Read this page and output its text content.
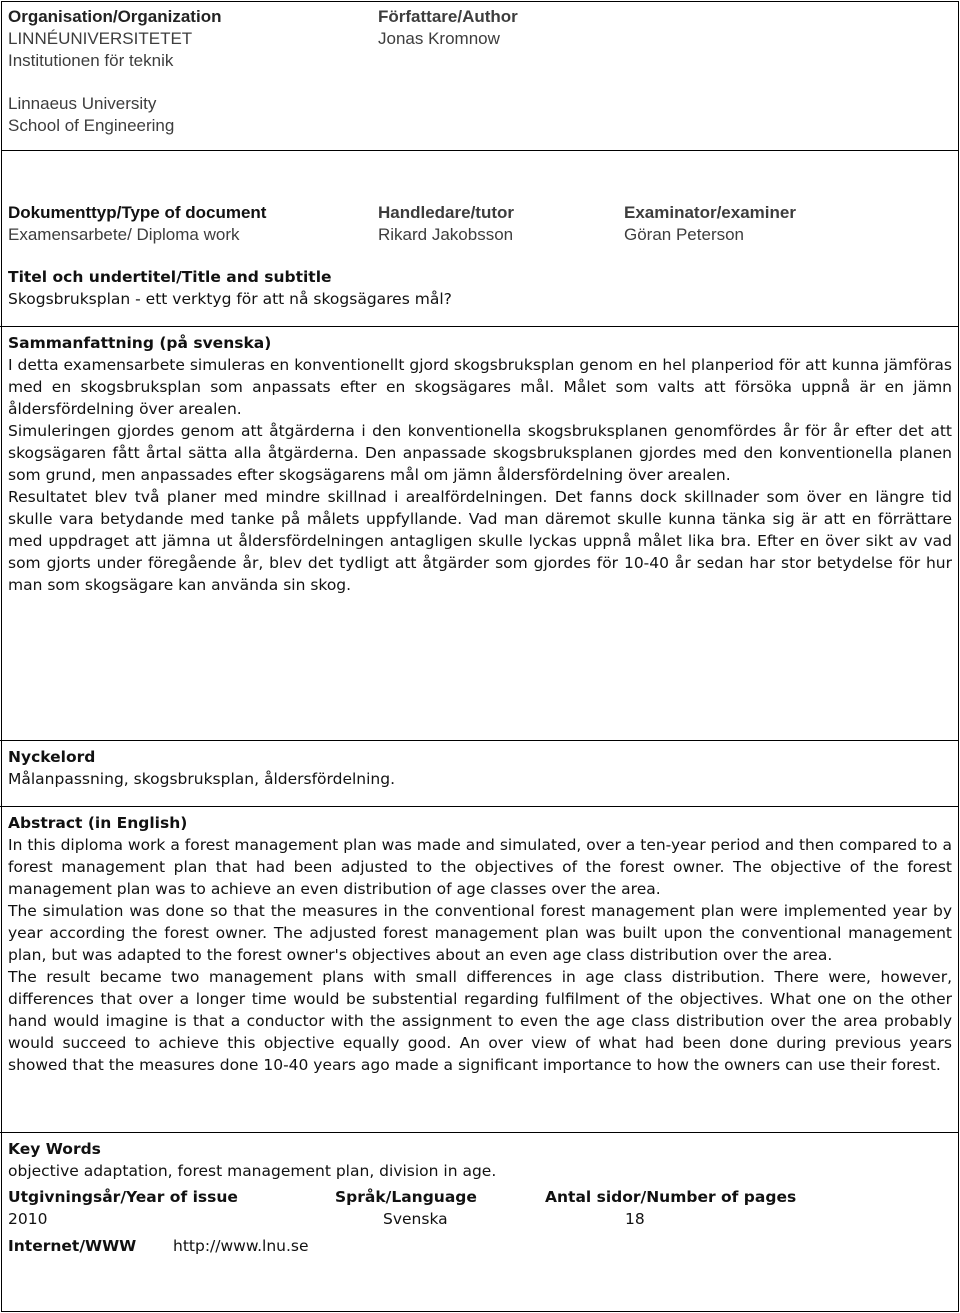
Organisation/Organization
LINNÉUNIVERSITETET
Institutionen för teknik
Linnaeus University
School of Engineering
Författare/Author
Jonas Kromnow
Dokumenttyp/Type of document
Examensarbete/ Diploma work
Handledare/tutor
Rikard Jakobsson
Examinator/examiner
Göran Peterson
Titel och undertitel/Title and subtitle
Skogsbruksplan - ett verktyg för att nå skogsägares mål?
Sammanfattning (på svenska)

I detta examensarbete simuleras en konventionellt gjord skogsbruksplan genom en hel planperiod för att kunna jämföras med en skogsbruksplan som anpassats efter en skogsägares mål. Målet som valts att försöka uppnå är en jämn åldersfördelning över arealen.

Simuleringen gjordes genom att åtgärderna i den konventionella skogsbruksplanen genomfördes år för år efter det att skogsägaren fått årtal sätta alla åtgärderna. Den anpassade skogsbruksplanen gjordes med den konventionella planen som grund, men anpassades efter skogsägarens mål om jämn åldersfördelning över arealen.

Resultatet blev två planer med mindre skillnad i arealfördelningen. Det fanns dock skillnader som över en längre tid skulle vara betydande med tanke på målets uppfyllande. Vad man däremot skulle kunna tänka sig är att en förrättare med uppdraget att jämna ut åldersfördelningen antagligen skulle lyckas uppnå målet lika bra. Efter en över sikt av vad som gjorts under föregående år, blev det tydligt att åtgärder som gjordes för 10-40 år sedan har stor betydelse för hur man som skogsägare kan använda sin skog.

Nyckelord
Målanpassning, skogsbruksplan, åldersfördelning.
Abstract (in English)

In this diploma work a forest management plan was made and simulated, over a ten-year period and then compared to a forest management plan that had been adjusted to the objectives of the forest owner. The objective of the forest management plan was to achieve an even distribution of age classes over the area.

The simulation was done so that the measures in the conventional forest management plan were implemented year by year according the forest owner. The adjusted forest management plan was built upon the conventional management plan, but was adapted to the forest owner's objectives about an even age class distribution over the area.

The result became two management plans with small differences in age class distribution. There were, however, differences that over a longer time would be substential regarding fulfilment of the objectives. What one on the other hand would imagine is that a conductor with the assignment to even the age class distribution over the area probably would succeed to achieve this objective equally good. An over view of what had been done during previous years showed that the measures done 10-40 years ago made a significant importance to how the owners can use their forest.

Key Words
objective adaptation, forest management plan, division in age.
Utgivningsår/Year of issue
2010
Språk/Language
Svenska
Antal sidor/Number of pages
18
Internet/WWW http://www.lnu.se
